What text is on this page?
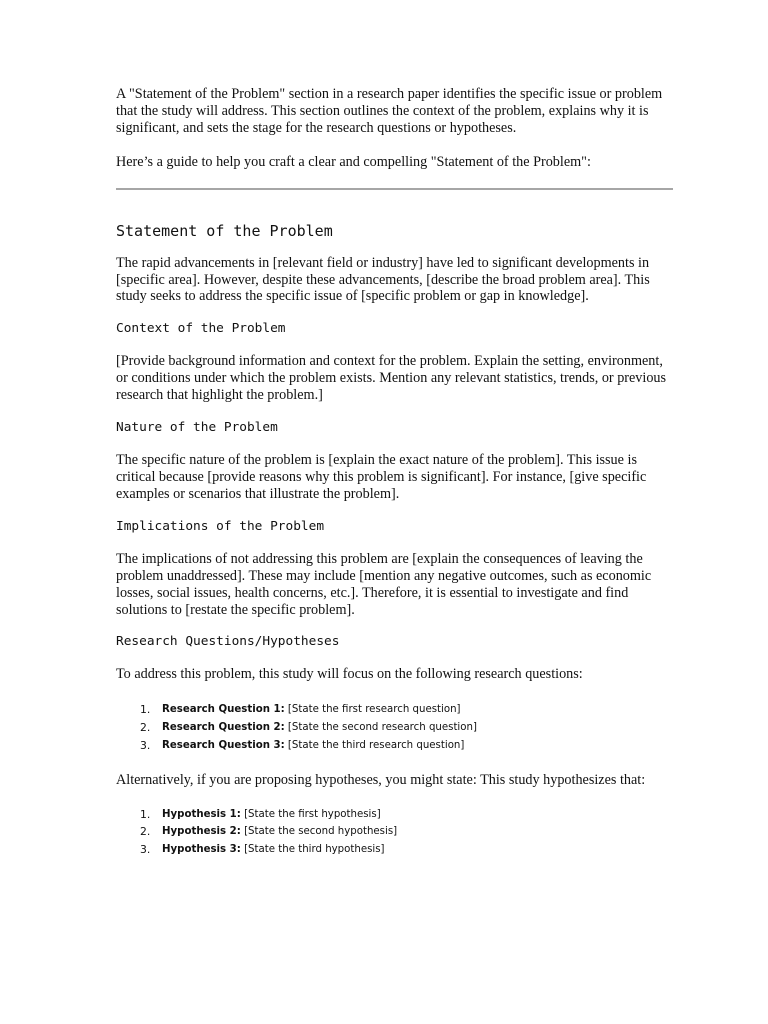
A "Statement of the Problem" section in a research paper identifies the specific issue or problem that the study will address. This section outlines the context of the problem, explains why it is significant, and sets the stage for the research questions or hypotheses.

Here’s a guide to help you craft a clear and compelling "Statement of the Problem":

Statement of the Problem

The rapid advancements in [relevant field or industry] have led to significant developments in [specific area]. However, despite these advancements, [describe the broad problem area]. This study seeks to address the specific issue of [specific problem or gap in knowledge].

Context of the Problem

[Provide background information and context for the problem. Explain the setting, environment, or conditions under which the problem exists. Mention any relevant statistics, trends, or previous research that highlight the problem.]

Nature of the Problem

The specific nature of the problem is [explain the exact nature of the problem]. This issue is critical because [provide reasons why this problem is significant]. For instance, [give specific examples or scenarios that illustrate the problem].

Implications of the Problem

The implications of not addressing this problem are [explain the consequences of leaving the problem unaddressed]. These may include [mention any negative outcomes, such as economic losses, social issues, health concerns, etc.]. Therefore, it is essential to investigate and find solutions to [restate the specific problem].

Research Questions/Hypotheses

To address this problem, this study will focus on the following research questions:

1. Research Question 1: [State the first research question]
2. Research Question 2: [State the second research question]
3. Research Question 3: [State the third research question]

Alternatively, if you are proposing hypotheses, you might state: This study hypothesizes that:

1. Hypothesis 1: [State the first hypothesis]
2. Hypothesis 2: [State the second hypothesis]
3. Hypothesis 3: [State the third hypothesis]
